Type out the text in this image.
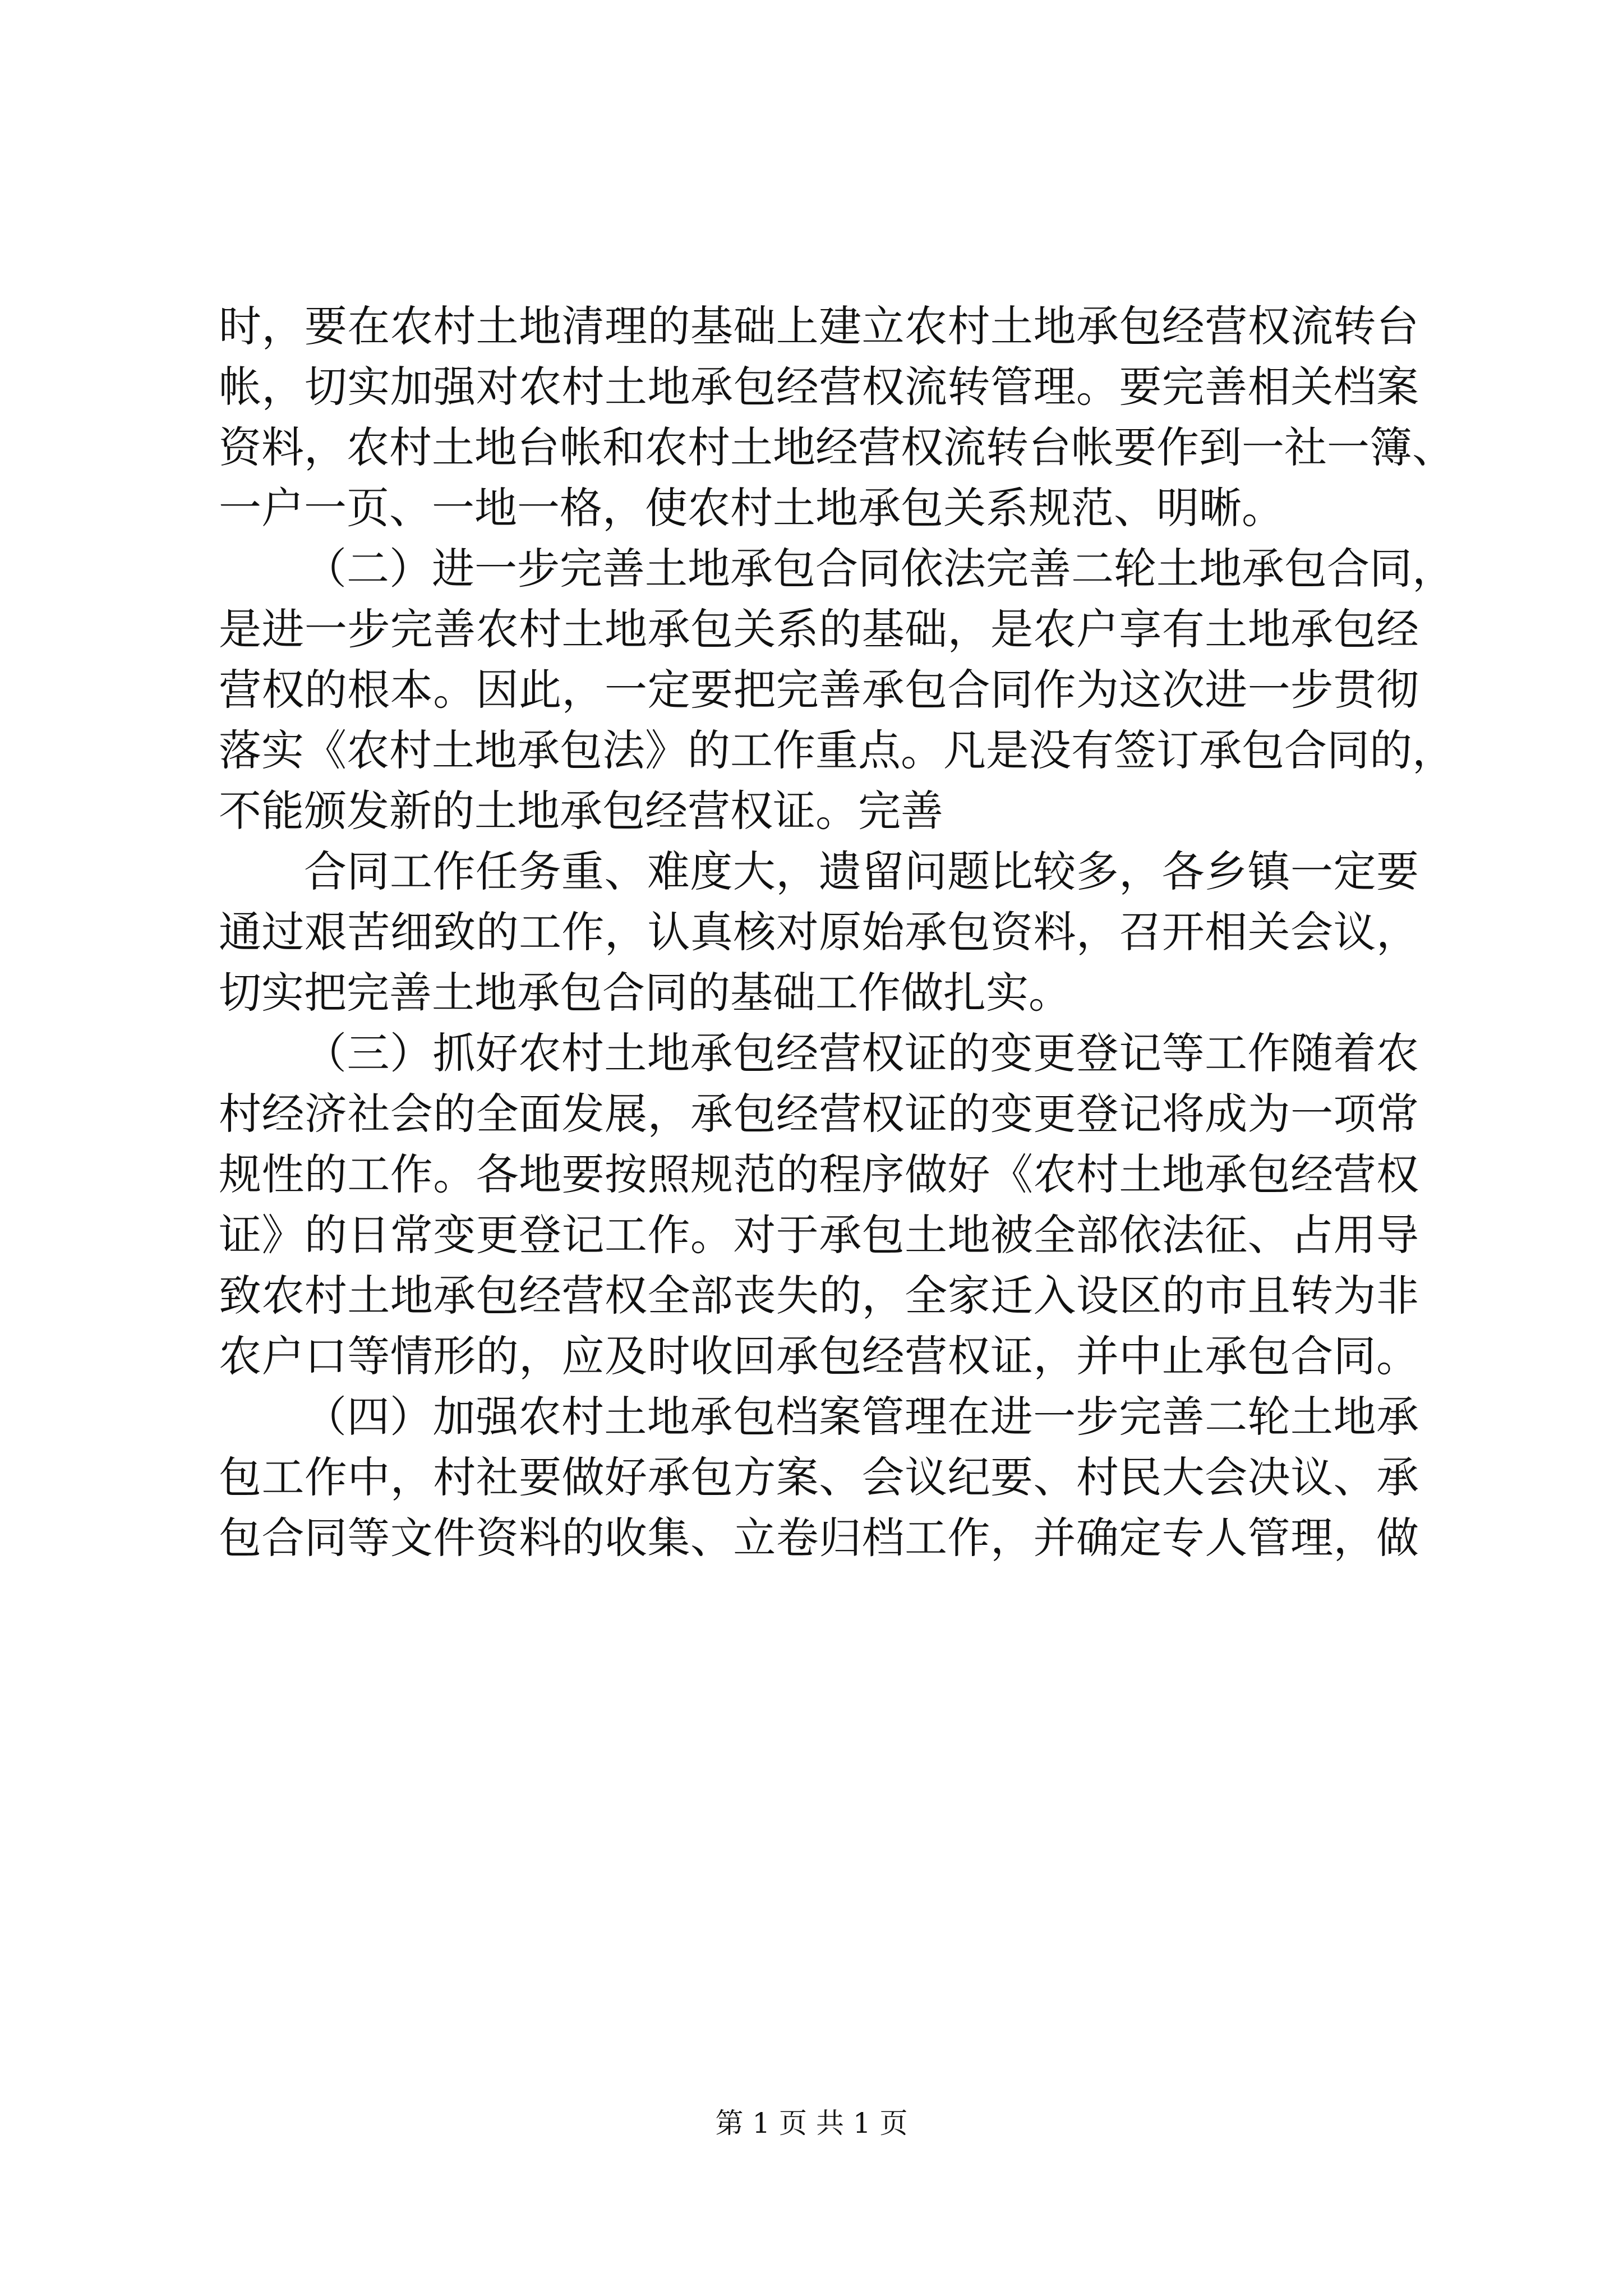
时，要在农村土地清理的基础上建立农村土地承包经营权流转台
帐，切实加强对农村土地承包经营权流转管理。要完善相关档案
资料，农村土地台帐和农村土地经营权流转台帐要作到一社一簿、
一户一页、一地一格，使农村土地承包关系规范、明晰。
（二）进一步完善土地承包合同依法完善二轮土地承包合同，
是进一步完善农村土地承包关系的基础，是农户享有土地承包经
营权的根本。因此，一定要把完善承包合同作为这次进一步贯彻
落实《农村土地承包法》的工作重点。凡是没有签订承包合同的，
不能颁发新的土地承包经营权证。完善
合同工作任务重、难度大，遗留问题比较多，各乡镇一定要
通过艰苦细致的工作，认真核对原始承包资料，召开相关会议，
切实把完善土地承包合同的基础工作做扎实。
（三）抓好农村土地承包经营权证的变更登记等工作随着农
村经济社会的全面发展，承包经营权证的变更登记将成为一项常
规性的工作。各地要按照规范的程序做好《农村土地承包经营权
证》的日常变更登记工作。对于承包土地被全部依法征、占用导
致农村土地承包经营权全部丧失的，全家迁入设区的市且转为非
农户口等情形的，应及时收回承包经营权证，并中止承包合同。
（四）加强农村土地承包档案管理在进一步完善二轮土地承
包工作中，村社要做好承包方案、会议纪要、村民大会决议、承
包合同等文件资料的收集、立卷归档工作，并确定专人管理，做
第 1 页 共 1 页
